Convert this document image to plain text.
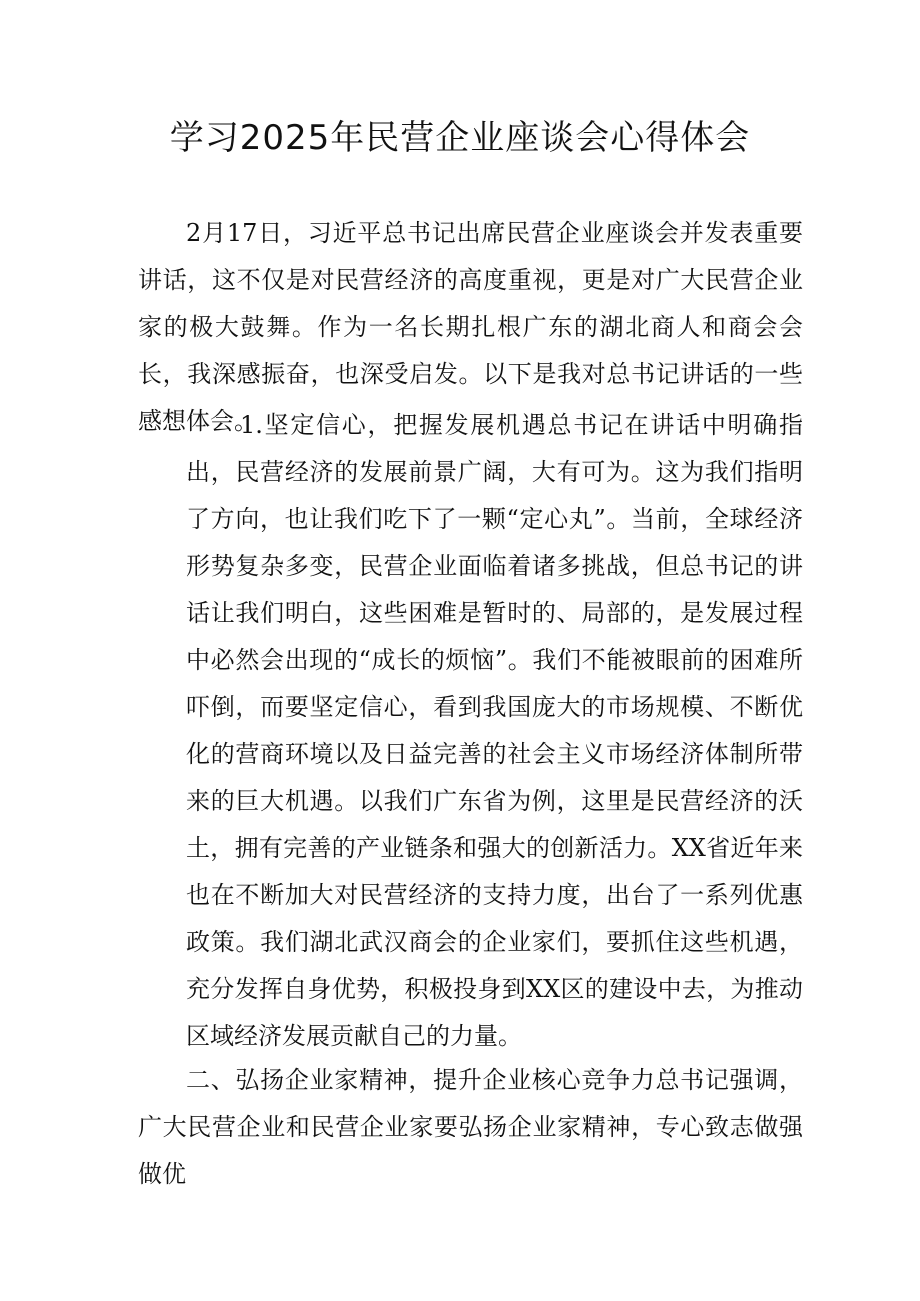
学习2025年民营企业座谈会心得体会

2月17日，习近平总书记出席民营企业座谈会并发表重要讲话，这不仅是对民营经济的高度重视，更是对广大民营企业家的极大鼓舞。作为一名长期扎根广东的湖北商人和商会会长，我深感振奋，也深受启发。以下是我对总书记讲话的一些感想体会。

1.坚定信心，把握发展机遇总书记在讲话中明确指出，民营经济的发展前景广阔，大有可为。这为我们指明了方向，也让我们吃下了一颗“定心丸”。当前，全球经济形势复杂多变，民营企业面临着诸多挑战，但总书记的讲话让我们明白，这些困难是暂时的、局部的，是发展过程中必然会出现的“成长的烦恼”。我们不能被眼前的困难所吓倒，而要坚定信心，看到我国庞大的市场规模、不断优化的营商环境以及日益完善的社会主义市场经济体制所带来的巨大机遇。以我们广东省为例，这里是民营经济的沃土，拥有完善的产业链条和强大的创新活力。XX省近年来也在不断加大对民营经济的支持力度，出台了一系列优惠政策。我们湖北武汉商会的企业家们，要抓住这些机遇，充分发挥自身优势，积极投身到XX区的建设中去，为推动区域经济发展贡献自己的力量。

二、弘扬企业家精神，提升企业核心竞争力总书记强调，广大民营企业和民营企业家要弘扬企业家精神，专心致志做强做优
